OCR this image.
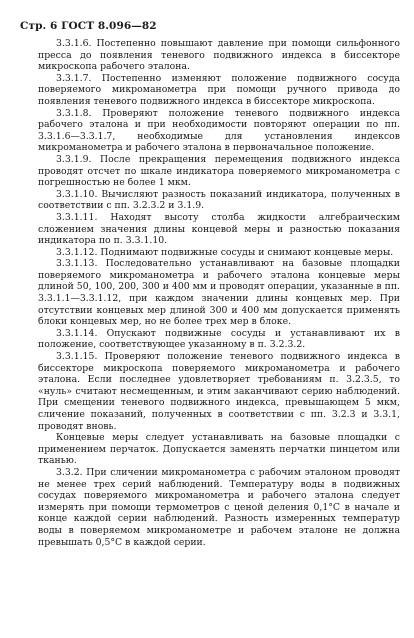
Стр. 6 ГОСТ 8.096—82

3.3.1.6. Постепенно повышают давление при помощи сильфонного пресса до появления теневого подвижного индекса в биссекторе микроскопа рабочего эталона.

3.3.1.7. Постепенно изменяют положение подвижного сосуда поверяемого микроманометра при помощи ручного привода до появления теневого подвижного индекса в биссекторе микроскопа.

3.3.1.8. Проверяют положение теневого подвижного индекса рабочего эталона и при необходимости повторяют операции по пп. 3.3.1.6—3.3.1.7, необходимые для установления индексов микроманометра и рабочего эталона в первоначальное положение.

3.3.1.9. После прекращения перемещения подвижного индекса проводят отсчет по шкале индикатора поверяемого микроманометра с погрешностью не более 1 мкм.

3.3.1.10. Вычисляют разность показаний индикатора, полученных в соответствии с пп. 3.2.3.2 и 3.1.9.

3.3.1.11. Находят высоту столба жидкости алгебраическим сложением значения длины концевой меры и разностью показания индикатора по п. 3.3.1.10.

3.3.1.12. Поднимают подвижные сосуды и снимают концевые меры.

3.3.1.13. Последовательно устанавливают на базовые площадки поверяемого микроманометра и рабочего эталона концевые меры длиной 50, 100, 200, 300 и 400 мм и проводят операции, указанные в пп. 3.3.1.1—3.3.1.12, при каждом значении длины концевых мер. При отсутствии концевых мер длиной 300 и 400 мм допускается применять блоки концевых мер, но не более трех мер в блоке.

3.3.1.14. Опускают подвижные сосуды и устанавливают их в положение, соответствующее указанному в п. 3.2.3.2.

3.3.1.15. Проверяют положение теневого подвижного индекса в биссекторе микроскопа поверяемого микроманометра и рабочего эталона. Если последнее удовлетворяет требованиям п. 3.2.3.5, то «нуль» считают несмещенным, и этим заканчивают серию наблюдений. При смещении теневого подвижного индекса, превышающем 5 мкм, сличение показаний, полученных в соответствии с пп. 3.2.3 и 3.3.1, проводят вновь.

Концевые меры следует устанавливать на базовые площадки с применением перчаток. Допускается заменять перчатки пинцетом или тканью.

3.3.2. При сличении микроманометра с рабочим эталоном проводят не менее трех серий наблюдений. Температуру воды в подвижных сосудах поверяемого микроманометра и рабочего эталона следует измерять при помощи термометров с ценой деления 0,1°С в начале и конце каждой серии наблюдений. Разность измеренных температур воды в поверяемом микроманометре и рабочем эталоне не должна превышать 0,5°С в каждой серии.
